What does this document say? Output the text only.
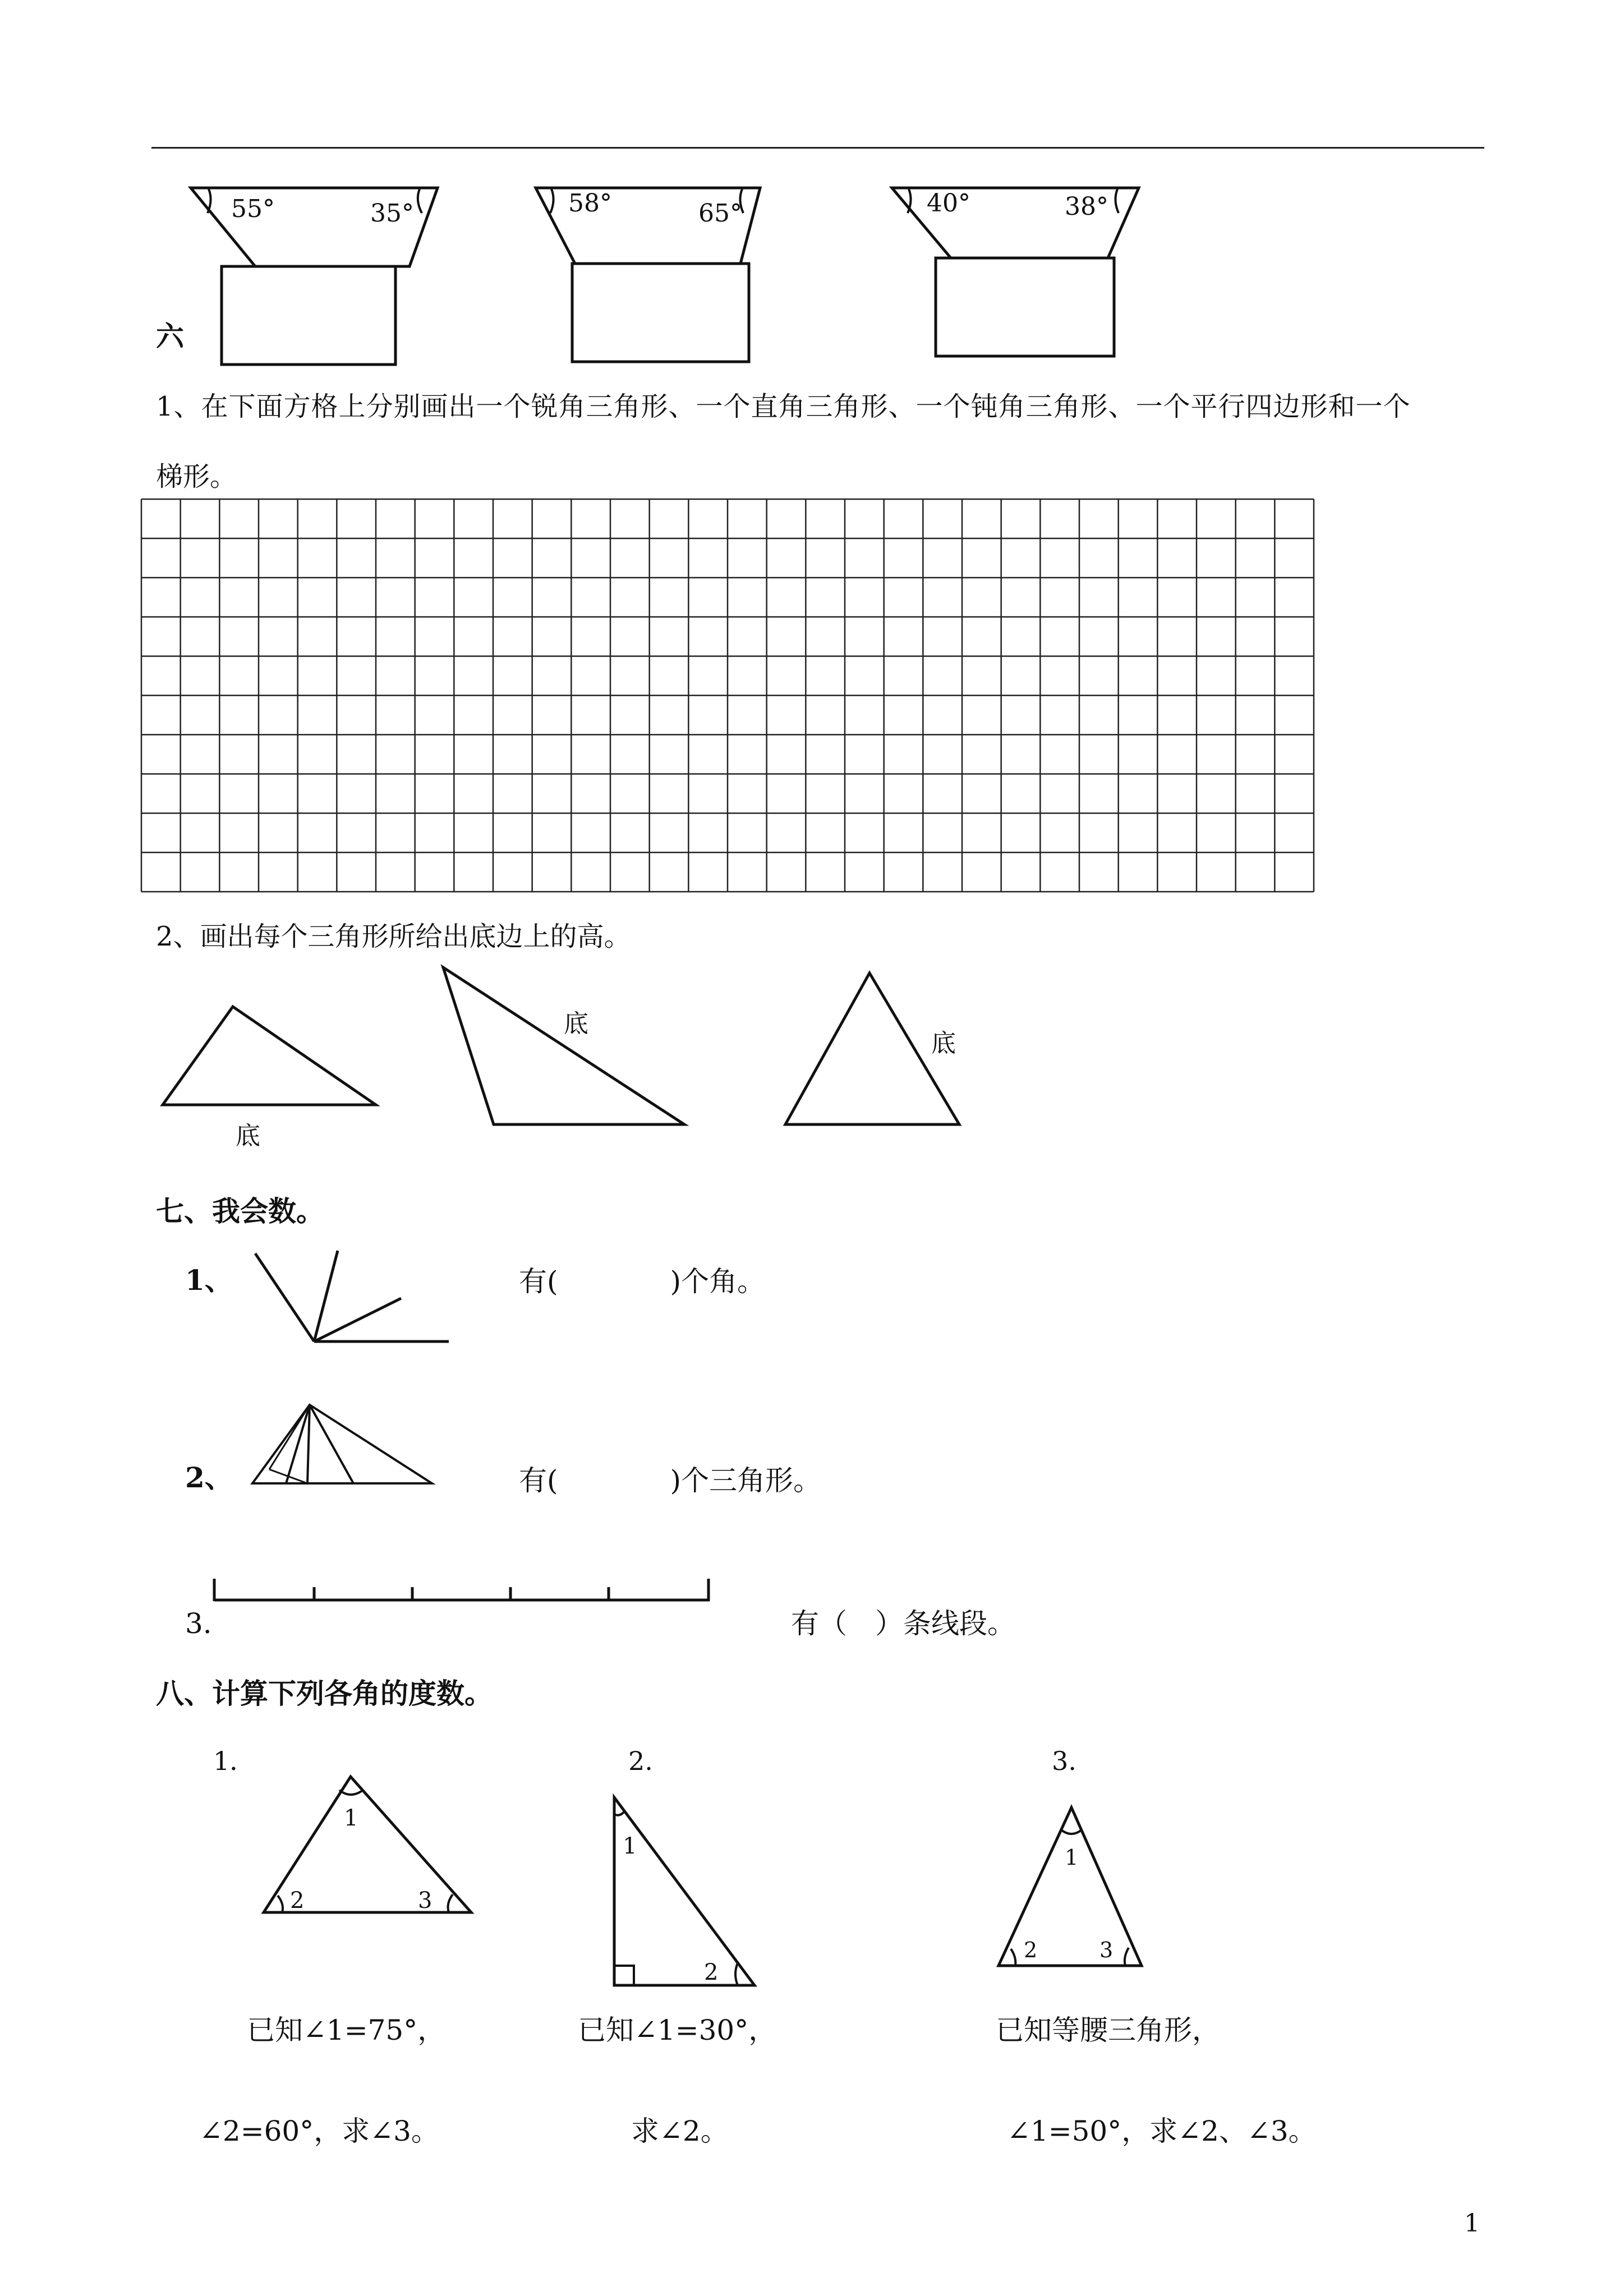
55°	35°	58°	65°	40°	38°
六
1、在下面方格上分别画出一个锐角三角形、一个直角三角形、一个钝角三角形、一个平行四边形和一个
梯形。
2、画出每个三角形所给出底边上的高。
底
底
底
七、我会数。
1、	有(　　　　)个角。
2、	有(　　　　)个三角形。
3.	有（　）条线段。
八、计算下列各角的度数。
1．	2.	3.
1
2	3
1
2
1
2	3
已知∠1=75°，
∠2=60°，求∠3。
已知∠1=30°，
求∠2。
已知等腰三角形，
∠1=50°，求∠2、∠3。
1
